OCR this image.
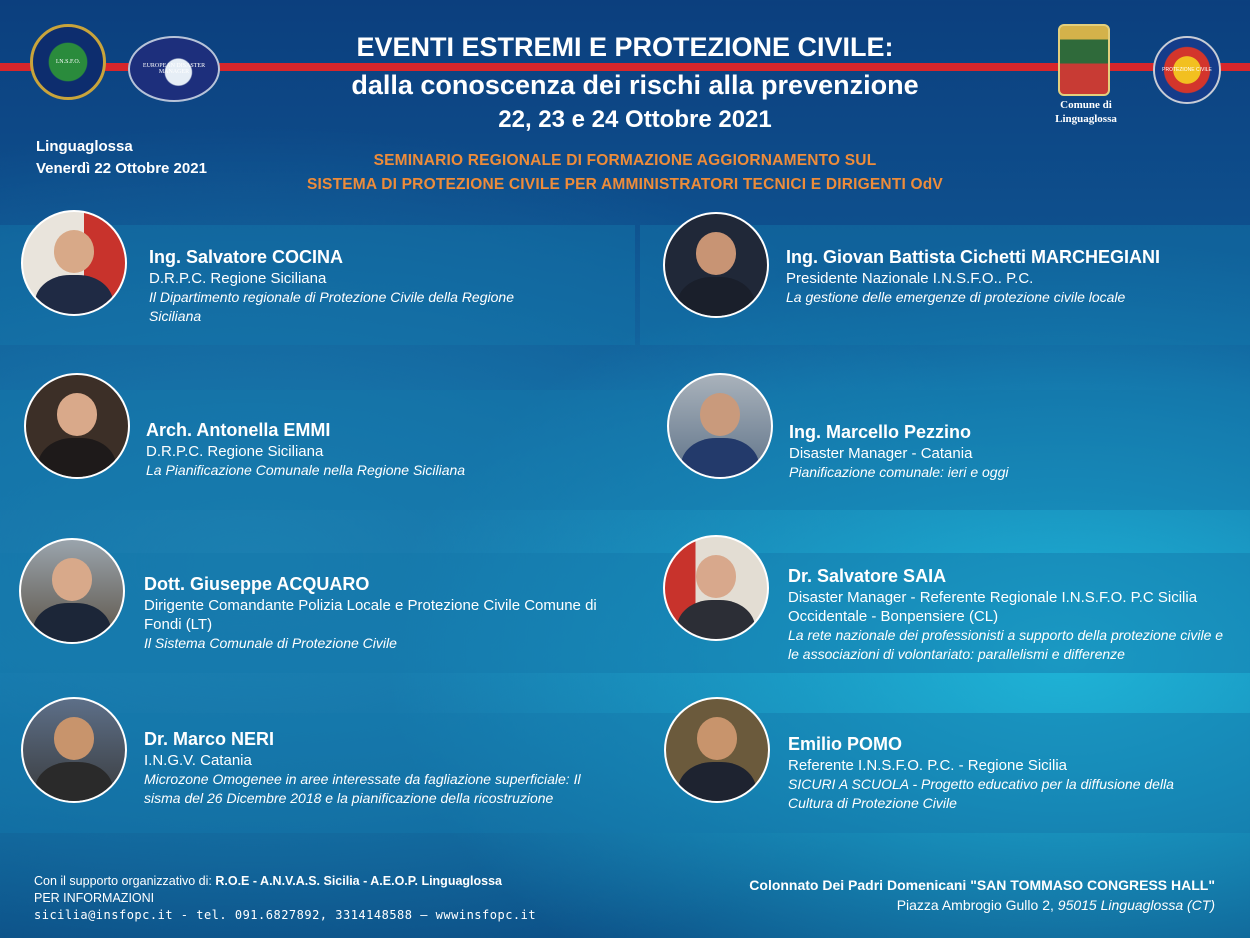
I.N.S.F.O.
EUROPEAN DISASTER MANAGER
Comune di
Linguaglossa
PROTEZIONE CIVILE
EVENTI ESTREMI E PROTEZIONE CIVILE:
dalla conoscenza dei rischi alla prevenzione
22, 23 e 24 Ottobre 2021
Linguaglossa
Venerdì 22 Ottobre 2021	SEMINARIO REGIONALE DI FORMAZIONE AGGIORNAMENTO SUL
SISTEMA DI PROTEZIONE CIVILE PER AMMINISTRATORI TECNICI E DIRIGENTI OdV
Ing. Salvatore COCINA
D.R.P.C. Regione Siciliana
Il Dipartimento regionale di Protezione Civile della Regione Siciliana
Arch. Antonella EMMI
D.R.P.C. Regione Siciliana
La Pianificazione Comunale nella Regione Siciliana
Dott. Giuseppe ACQUARO
Dirigente Comandante Polizia Locale e Protezione Civile Comune di Fondi (LT)
Il Sistema Comunale di Protezione Civile
Dr. Marco NERI
I.N.G.V. Catania
Microzone Omogenee in aree interessate da fagliazione superficiale: Il sisma del 26 Dicembre 2018 e la pianificazione della ricostruzione
Ing. Giovan Battista Cichetti MARCHEGIANI
Presidente Nazionale I.N.S.F.O.. P.C.
La gestione delle emergenze di protezione civile locale
Ing. Marcello Pezzino
Disaster Manager - Catania
Pianificazione comunale: ieri e oggi
Dr. Salvatore SAIA
Disaster Manager - Referente Regionale I.N.S.F.O. P.C Sicilia Occidentale - Bonpensiere (CL)
La rete nazionale dei professionisti a supporto della protezione civile e le associazioni di volontariato: parallelismi e differenze
Emilio POMO
Referente I.N.S.F.O. P.C. - Regione Sicilia
SICURI A SCUOLA - Progetto educativo per la diffusione della Cultura di Protezione Civile
Con il supporto organizzativo di: R.O.E - A.N.V.A.S. Sicilia - A.E.O.P. Linguaglossa
PER INFORMAZIONI
sicilia@insfopc.it - tel. 091.6827892, 3314148588 – wwwinsfopc.it
Colonnato Dei Padri Domenicani "SAN TOMMASO CONGRESS HALL"
Piazza Ambrogio Gullo 2, 95015 Linguaglossa (CT)
